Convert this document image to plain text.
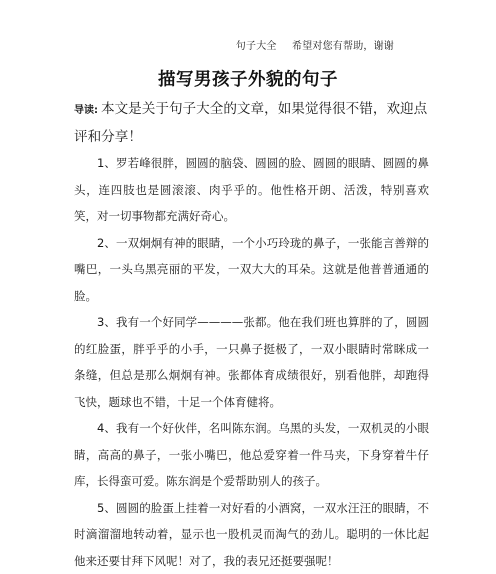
句子大全 希望对您有帮助，谢谢
描写男孩子外貌的句子

导读: 本文是关于句子大全的文章，如果觉得很不错，欢迎点评和分享！

1、罗若峰很胖，圆圆的脑袋、圆圆的脸、圆圆的眼睛、圆圆的鼻头，连四肢也是圆滚滚、肉乎乎的。他性格开朗、活泼，特别喜欢笑，对一切事物都充满好奇心。

2、一双炯炯有神的眼睛，一个小巧玲珑的鼻子，一张能言善辩的嘴巴，一头乌黑亮丽的平发，一双大大的耳朵。这就是他普普通通的脸。

3、我有一个好同学————张都。他在我们班也算胖的了，圆圆的红脸蛋，胖乎乎的小手，一只鼻子挺极了，一双小眼睛时常眯成一条缝，但总是那么炯炯有神。张都体育成绩很好，别看他胖，却跑得飞快，题球也不错，十足一个体育健将。

4、我有一个好伙伴，名叫陈东润。乌黑的头发，一双机灵的小眼睛，高高的鼻子，一张小嘴巴，他总爱穿着一件马夹，下身穿着牛仔库，长得蛮可爱。陈东润是个爱帮助别人的孩子。

5、圆圆的脸蛋上挂着一对好看的小酒窝，一双水汪汪的眼睛，不时滴溜溜地转动着，显示也一股机灵而淘气的劲儿。聪明的一休比起他来还要甘拜下风呢！对了，我的表兄还挺要强呢！
